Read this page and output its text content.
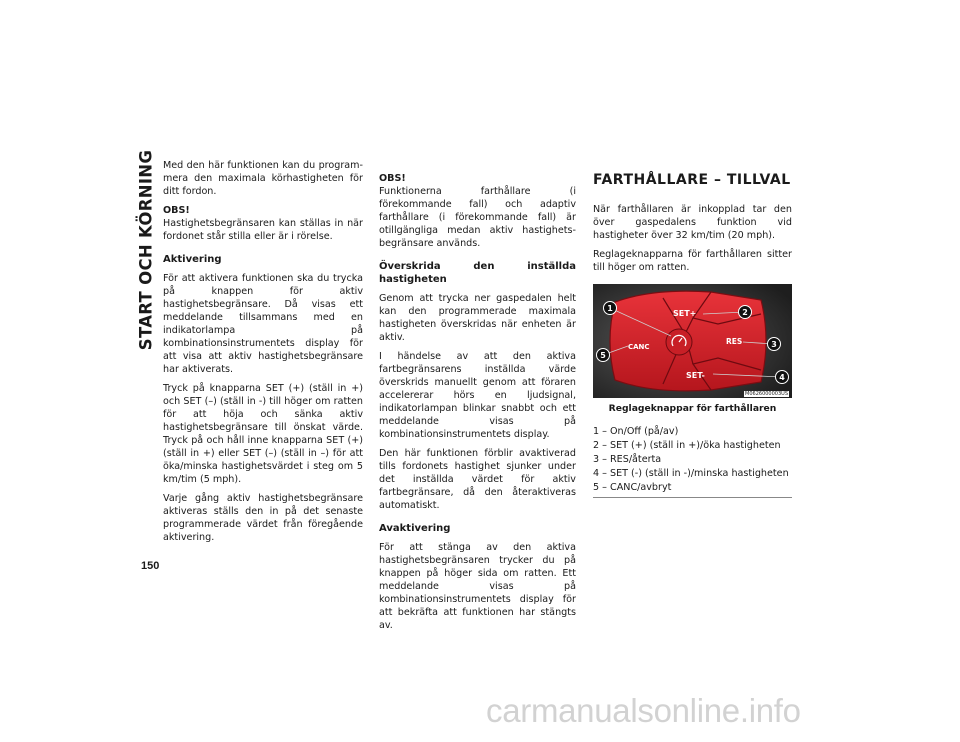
START OCH KÖRNING
150

Med den här funktionen kan du programmera den maximala körhastigheten för ditt fordon.

OBS!
Hastighetsbegränsaren kan ställas in när fordonet står stilla eller är i rörelse.

Aktivering

För att aktivera funktionen ska du trycka på knappen för aktiv hastighetsbegränsare. Då visas ett meddelande tillsammans med en indikatorlampa på kombinationsinstrumentets display för att visa att aktiv hastighetsbegränsare har aktiverats.

Tryck på knapparna SET (+) (ställ in +) och SET (–) (ställ in -) till höger om ratten för att höja och sänka aktiv hastighetsbegränsare till önskat värde. Tryck på och håll inne knapparna SET (+) (ställ in +) eller SET (–) (ställ in –) för att öka/minska hastighetsvärdet i steg om 5 km/tim (5 mph).

Varje gång aktiv hastighetsbegränsare aktiveras ställs den in på det senaste programmerade värdet från föregående aktivering.

OBS!
Funktionerna farthållare (i förekommande fall) och adaptiv farthållare (i förekommande fall) är otillgängliga medan aktiv hastighetsbegränsare används.

Överskrida den inställda hastigheten

Genom att trycka ner gaspedalen helt kan den programmerade maximala hastigheten överskridas när enheten är aktiv.

I händelse av att den aktiva fartbegränsarens inställda värde överskrids manuellt genom att föraren accelererar hörs en ljudsignal, indikatorlampan blinkar snabbt och ett meddelande visas på kombinationsinstrumentets display.

Den här funktionen förblir avaktiverad tills fordonets hastighet sjunker under det inställda värdet för aktiv fartbegränsare, då den återaktiveras automatiskt.

Avaktivering

För att stänga av den aktiva hastighetsbegränsaren trycker du på knappen på höger sida om ratten. Ett meddelande visas på kombinationsinstrumentets display för att bekräfta att funktionen har stängts av.

FARTHÅLLARE – TILLVAL

När farthållaren är inkopplad tar den över gaspedalens funktion vid hastigheter över 32 km/tim (20 mph).

Reglageknapparna för farthållaren sitter till höger om ratten.

SET+
RES
CANC
SET-
1	2
3
4
5
M0626000003US
Reglageknappar för farthållaren
1 – On/Off (på/av)
2 – SET (+) (ställ in +)/öka hastigheten
3 – RES/återta
4 – SET (-) (ställ in -)/minska hastigheten
5 – CANC/avbryt
carmanualsonline.info
